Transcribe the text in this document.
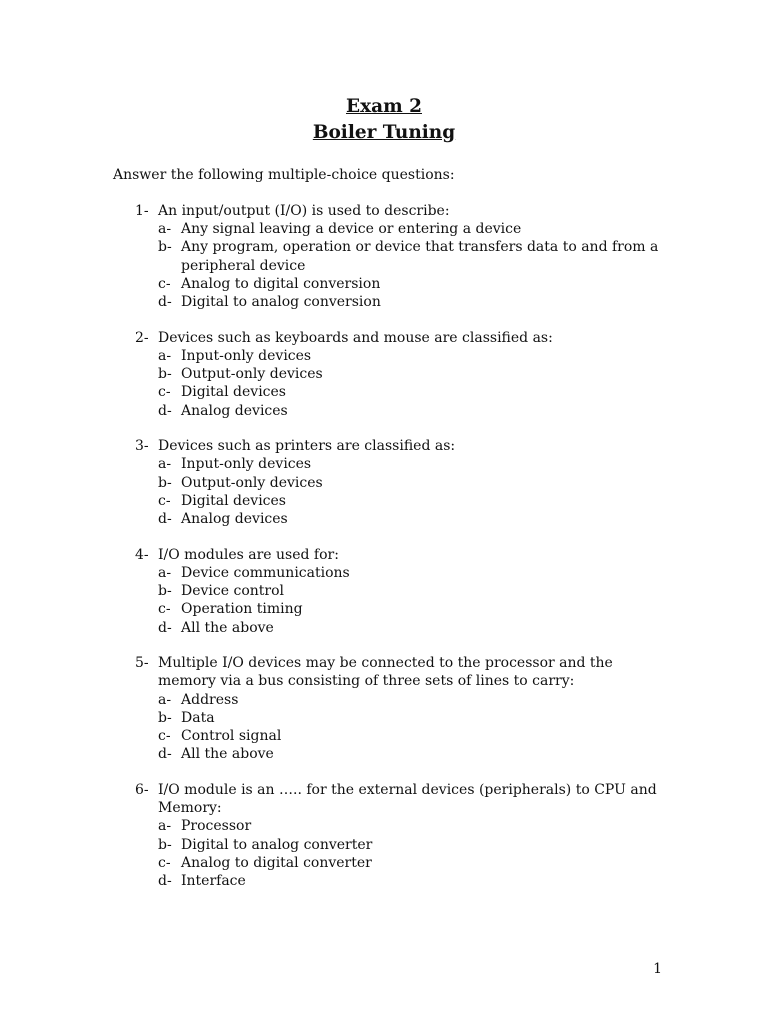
Exam 2

Boiler Tuning

Answer the following multiple-choice questions:

1- An input/output (I/O) is used to describe:
a- Any signal leaving a device or entering a device
b- Any program, operation or device that transfers data to and from a peripheral device
c- Analog to digital conversion
d- Digital to analog conversion
2- Devices such as keyboards and mouse are classified as:
a- Input-only devices
b- Output-only devices
c- Digital devices
d- Analog devices
3- Devices such as printers are classified as:
a- Input-only devices
b- Output-only devices
c- Digital devices
d- Analog devices
4- I/O modules are used for:
a- Device communications
b- Device control
c- Operation timing
d- All the above
5- Multiple I/O devices may be connected to the processor and the memory via a bus consisting of three sets of lines to carry:
a- Address
b- Data
c- Control signal
d- All the above
6- I/O module is an ….. for the external devices (peripherals) to CPU and Memory:
a- Processor
b- Digital to analog converter
c- Analog to digital converter
d- Interface
1
